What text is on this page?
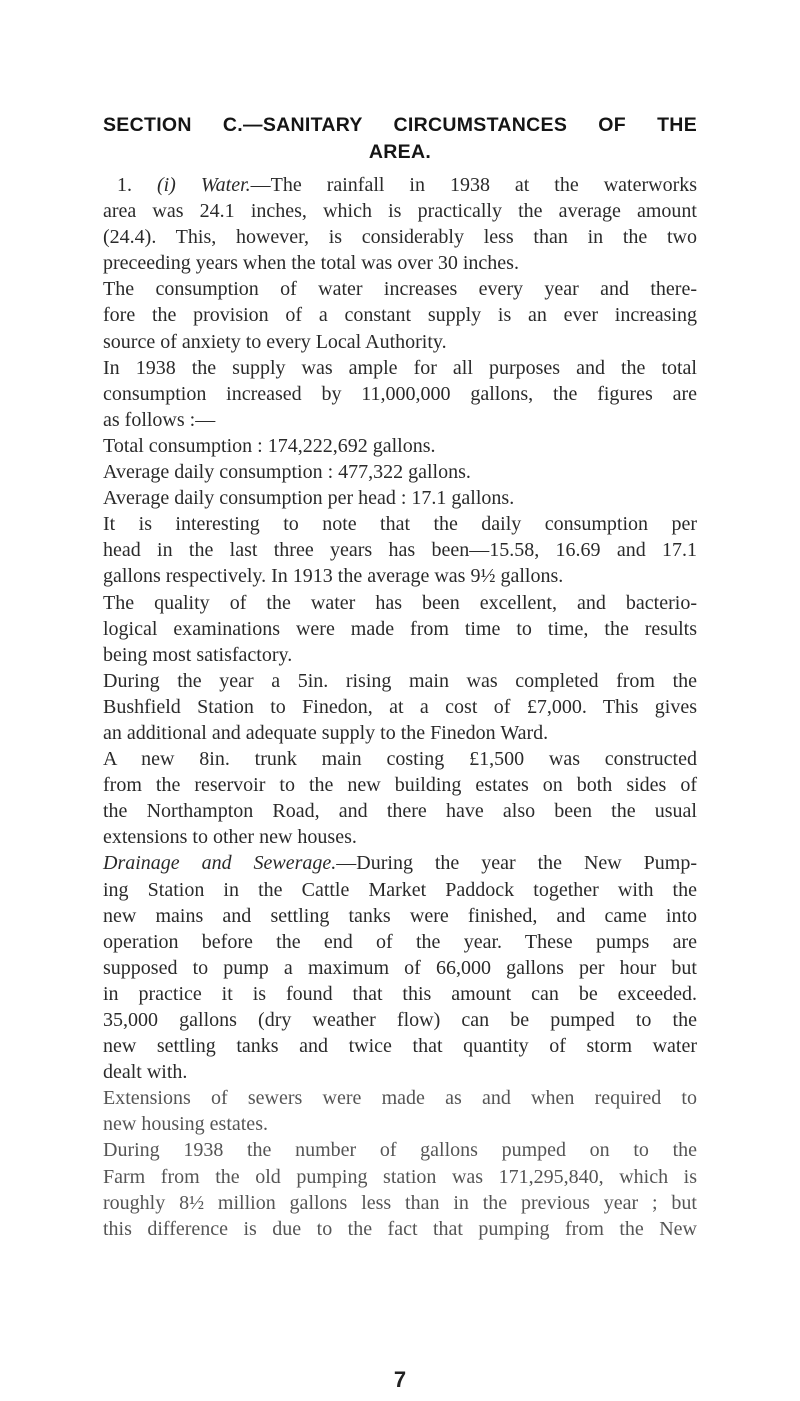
SECTION C.—SANITARY CIRCUMSTANCES OF THE
AREA.
1. (i) Water.—The rainfall in 1938 at the waterworks
area was 24.1 inches, which is practically the average amount
(24.4). This, however, is considerably less than in the two
preceeding years when the total was over 30 inches.
The consumption of water increases every year and there-
fore the provision of a constant supply is an ever increasing
source of anxiety to every Local Authority.
In 1938 the supply was ample for all purposes and the total
consumption increased by 11,000,000 gallons, the figures are
as follows :—
Total consumption : 174,222,692 gallons.
Average daily consumption : 477,322 gallons.
Average daily consumption per head : 17.1 gallons.
It is interesting to note that the daily consumption per
head in the last three years has been—15.58, 16.69 and 17.1
gallons respectively. In 1913 the average was 9½ gallons.
The quality of the water has been excellent, and bacterio-
logical examinations were made from time to time, the results
being most satisfactory.
During the year a 5in. rising main was completed from the
Bushfield Station to Finedon, at a cost of £7,000. This gives
an additional and adequate supply to the Finedon Ward.
A new 8in. trunk main costing £1,500 was constructed
from the reservoir to the new building estates on both sides of
the Northampton Road, and there have also been the usual
extensions to other new houses.
Drainage and Sewerage.—During the year the New Pump-
ing Station in the Cattle Market Paddock together with the
new mains and settling tanks were finished, and came into
operation before the end of the year. These pumps are
supposed to pump a maximum of 66,000 gallons per hour but
in practice it is found that this amount can be exceeded.
35,000 gallons (dry weather flow) can be pumped to the
new settling tanks and twice that quantity of storm water
dealt with.
Extensions of sewers were made as and when required to
new housing estates.
During 1938 the number of gallons pumped on to the
Farm from the old pumping station was 171,295,840, which is
roughly 8½ million gallons less than in the previous year ; but
this difference is due to the fact that pumping from the New
7
